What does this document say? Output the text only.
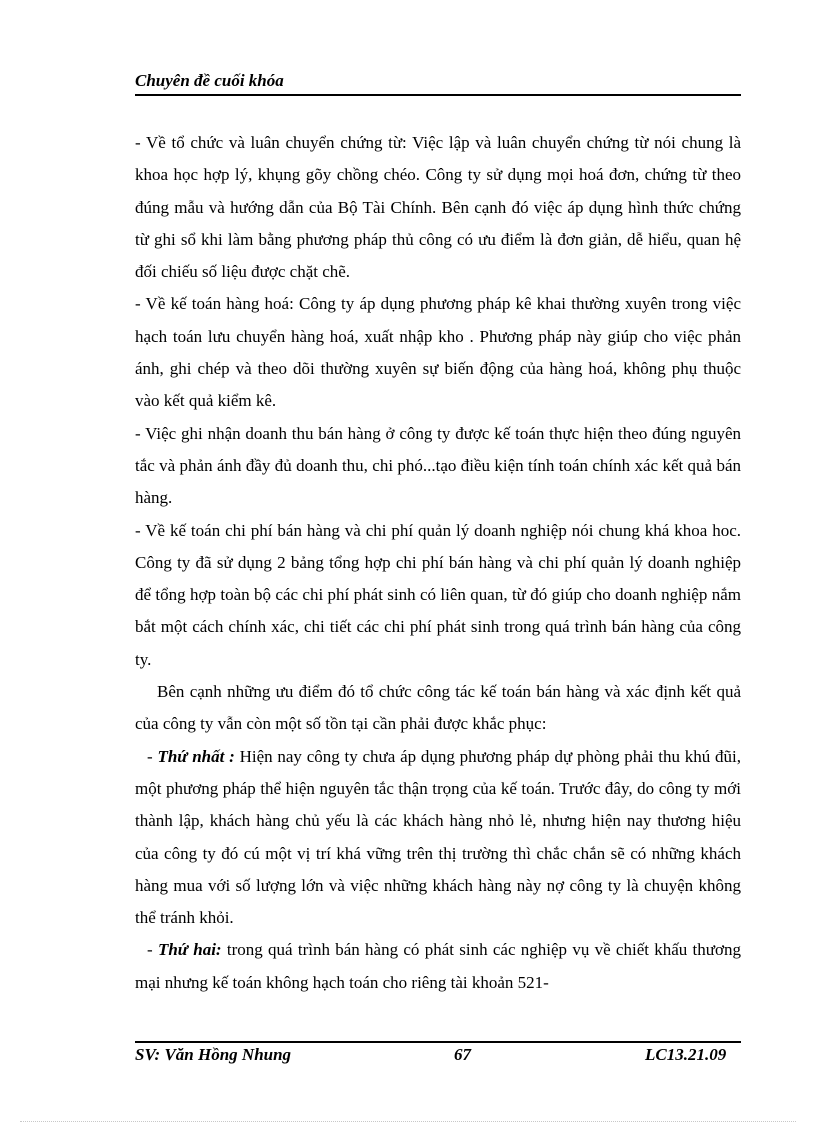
Chuyên đề cuối khóa

- Về tổ chức và luân chuyển chứng từ: Việc lập và luân chuyển chứng từ nói chung là khoa học hợp lý, khụng gõy chồng chéo. Công ty sử dụng mọi hoá đơn, chứng từ theo đúng mẫu và hướng dẫn của Bộ Tài Chính. Bên cạnh đó việc áp dụng hình thức chứng từ ghi sổ khi làm bằng phương pháp thủ công có ưu điểm là đơn giản, dễ hiểu, quan hệ đối chiếu số liệu được chặt chẽ.

- Về kế toán hàng hoá: Công ty áp dụng phương pháp kê khai thường xuyên trong việc hạch toán lưu chuyển hàng hoá, xuất nhập kho . Phương pháp này giúp cho việc phản ánh, ghi chép và theo dõi thường xuyên sự biến động của hàng hoá, không phụ thuộc vào kết quả kiểm kê.

- Việc ghi nhận doanh thu bán hàng ở công ty được kế toán thực hiện theo đúng nguyên tắc và phản ánh đầy đủ doanh thu, chi phó...tạo điều kiện tính toán chính xác kết quả bán hàng.

- Về kế toán chi phí bán hàng và chi phí quản lý doanh nghiệp nói chung khá khoa hoc. Công ty đã sử dụng 2 bảng tổng hợp chi phí bán hàng và chi phí quản lý doanh nghiệp để tổng hợp toàn bộ các chi phí phát sinh có liên quan, từ đó giúp cho doanh nghiệp nắm bắt một cách chính xác, chi tiết các chi phí phát sinh trong quá trình bán hàng của công ty.

Bên cạnh những ưu điểm đó tổ chức công tác kế toán bán hàng và xác định kết quả của công ty vẫn còn một số tồn tại cần phải được khắc phục:

- Thứ nhất : Hiện nay công ty chưa áp dụng phương pháp dự phòng phải thu khú đũi, một phương pháp thể hiện nguyên tắc thận trọng của kế toán. Trước đây, do công ty mới thành lập, khách hàng chủ yếu là các khách hàng nhỏ lẻ, nhưng hiện nay thương hiệu của công ty đó cú một vị trí khá vững trên thị trường thì chắc chắn sẽ có những khách hàng mua với số lượng lớn và việc những khách hàng này nợ công ty là chuyện không thể tránh khỏi.

- Thứ hai: trong quá trình bán hàng có phát sinh các nghiệp vụ về chiết khấu thương mại nhưng kế toán không hạch toán cho riêng tài khoản 521-

SV: Văn Hồng Nhung	67	LC13.21.09
